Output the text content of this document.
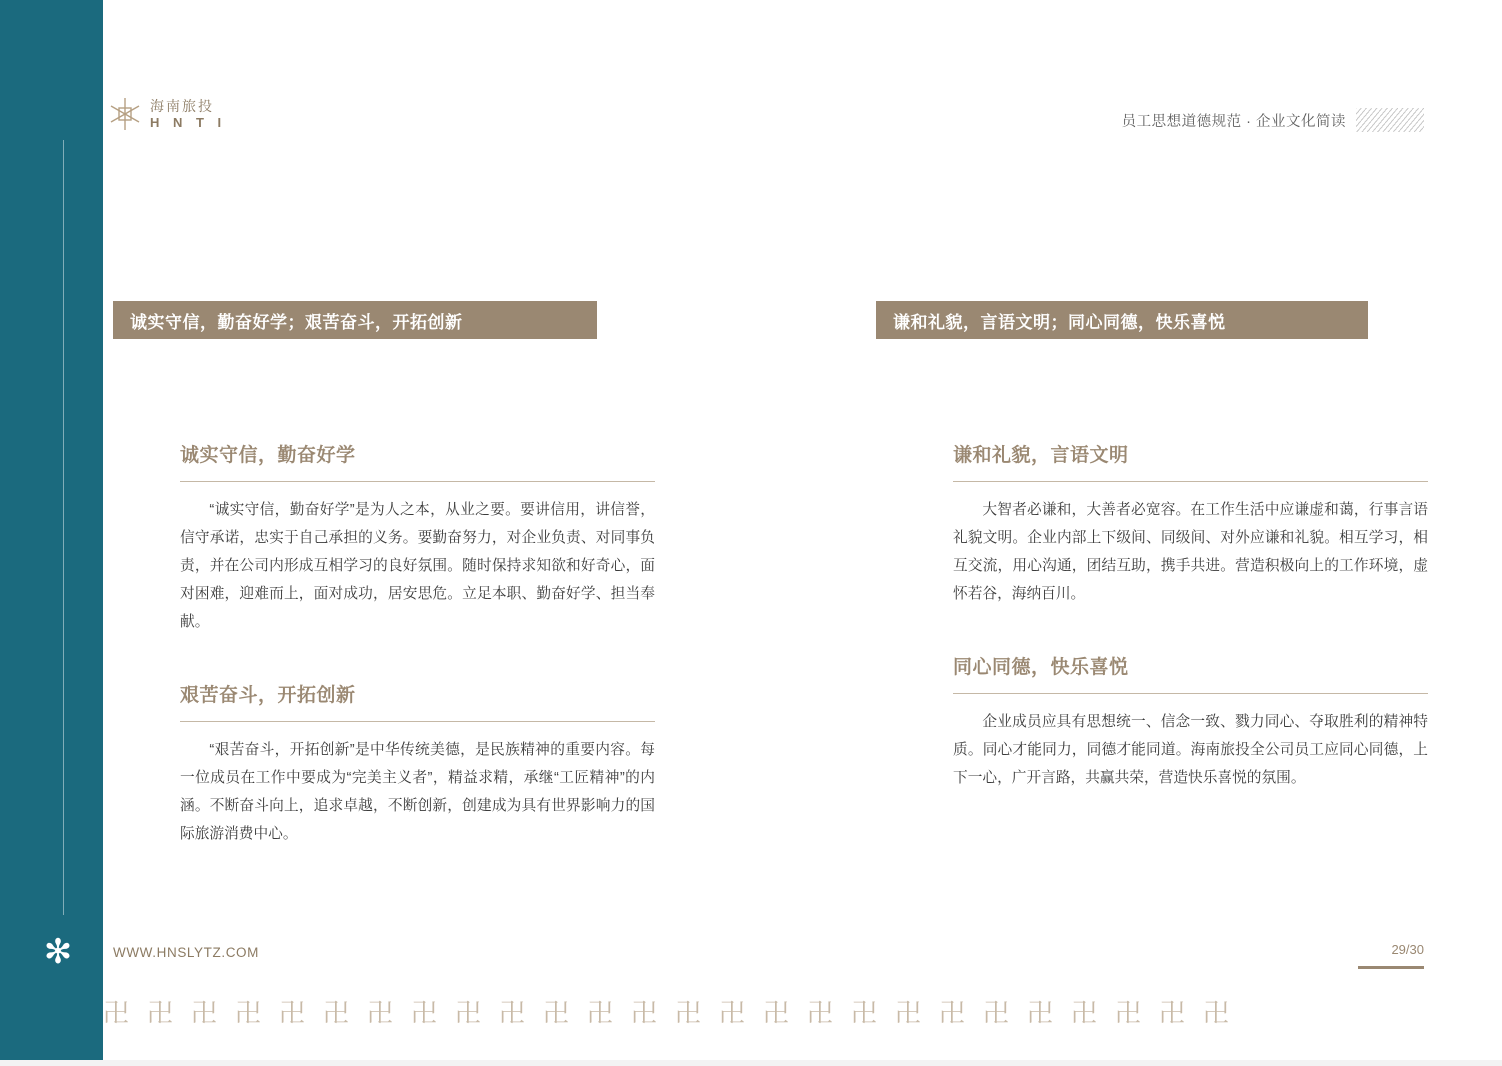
✻
海南旅投
H N T I	员工思想道德规范 · 企业文化简读
诚实守信，勤奋好学；艰苦奋斗，开拓创新	谦和礼貌，言语文明；同心同德，快乐喜悦
诚实守信，勤奋好学

“诚实守信，勤奋好学”是为人之本，从业之要。要讲信用，讲信誉，信守承诺，忠实于自己承担的义务。要勤奋努力，对企业负责、对同事负责，并在公司内形成互相学习的良好氛围。随时保持求知欲和好奇心，面对困难，迎难而上，面对成功，居安思危。立足本职、勤奋好学、担当奉献。

艰苦奋斗，开拓创新

“艰苦奋斗，开拓创新”是中华传统美德，是民族精神的重要内容。每一位成员在工作中要成为“完美主义者”，精益求精，承继“工匠精神”的内涵。不断奋斗向上，追求卓越，不断创新，创建成为具有世界影响力的国际旅游消费中心。

谦和礼貌，言语文明

大智者必谦和，大善者必宽容。在工作生活中应谦虚和蔼，行事言语礼貌文明。企业内部上下级间、同级间、对外应谦和礼貌。相互学习，相互交流，用心沟通，团结互助，携手共进。营造积极向上的工作环境，虚怀若谷，海纳百川。

同心同德，快乐喜悦

企业成员应具有思想统一、信念一致、戮力同心、夺取胜利的精神特质。同心才能同力，同德才能同道。海南旅投全公司员工应同心同德，上下一心，广开言路，共赢共荣，营造快乐喜悦的氛围。

WWW.HNSLYTZ.COM	29/30
卍卍卍卍卍卍卍卍卍卍卍卍卍卍卍卍卍卍卍卍卍卍卍卍卍卍
